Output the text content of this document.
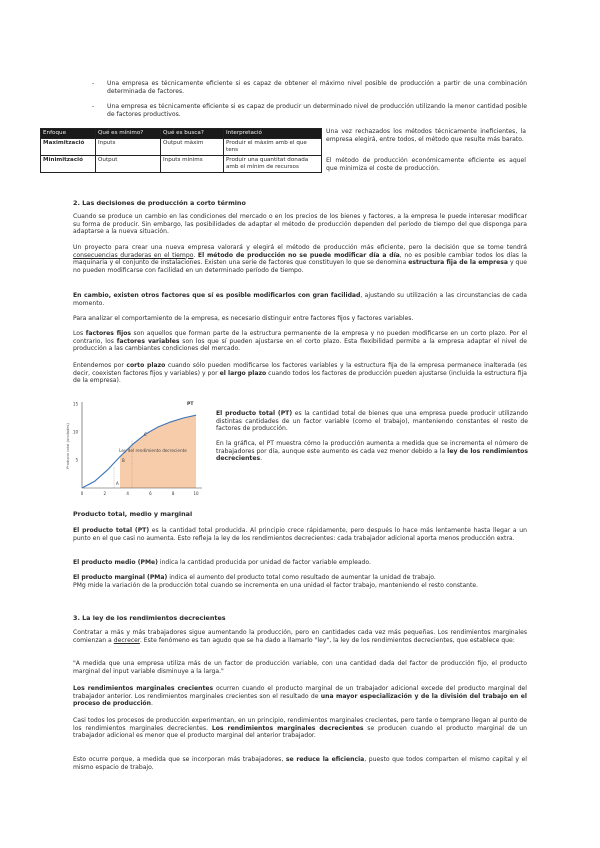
- Una empresa es técnicamente eficiente si es capaz de obtener el máximo nivel posible de producción a partir de una combinación determinada de factores.

- Una empresa es técnicamente eficiente si es capaz de producir un determinado nivel de producción utilizando la menor cantidad posible de factores productivos.

Enfoque	Qué es mínimo?	Qué es busca?	Interpretació
Maximització	Inputs	Output màxim	Produir el màxim amb el que tens
Minimització	Output	Inputs mínims	Produir una quantitat donada amb el mínim de recursos

Una vez rechazados los métodos técnicamente ineficientes, la empresa elegirá, entre todos, el método que resulte más barato.

El método de producción económicamente eficiente es aquel que minimiza el coste de producción.

2. Las decisiones de producción a corto término

Cuando se produce un cambio en las condiciones del mercado o en los precios de los bienes y factores, a la empresa le puede interesar modificar su forma de producir. Sin embargo, las posibilidades de adaptar el método de producción dependen del período de tiempo del que disponga para adaptarse a la nueva situación.

Un proyecto para crear una nueva empresa valorará y elegirá el método de producción más eficiente, pero la decisión que se tome tendrá consecuencias duraderas en el tiempo. El método de producción no se puede modificar día a día, no es posible cambiar todos los días la maquinaria y el conjunto de instalaciones. Existen una serie de factores que constituyen lo que se denomina estructura fija de la empresa y que no pueden modificarse con facilidad en un determinado período de tiempo.

En cambio, existen otros factores que sí es posible modificarlos con gran facilidad, ajustando su utilización a las circunstancias de cada momento.

Para analizar el comportamiento de la empresa, es necesario distinguir entre factores fijos y factores variables.

Los factores fijos son aquellos que forman parte de la estructura permanente de la empresa y no pueden modificarse en un corto plazo. Por el contrario, los factores variables son los que sí pueden ajustarse en el corto plazo. Esta flexibilidad permite a la empresa adaptar el nivel de producción a las cambiantes condiciones del mercado.

Entendemos por corto plazo cuando sólo pueden modificarse los factores variables y la estructura fija de la empresa permanece inalterada (es decir, coexisten factores fijos y variables) y por el largo plazo cuando todos los factores de producción pueden ajustarse (incluida la estructura fija de la empresa).

0	2	4	6	8	10
15
10
5
Producto total (unidades)	Ley del rendimiento decreciente
PT
A
B
C

El producto total (PT) es la cantidad total de bienes que una empresa puede producir utilizando distintas cantidades de un factor variable (como el trabajo), manteniendo constantes el resto de factores de producción.

En la gráfica, el PT muestra cómo la producción aumenta a medida que se incrementa el número de trabajadores por día, aunque este aumento es cada vez menor debido a la ley de los rendimientos decrecientes.

Producto total, medio y marginal

El producto total (PT) es la cantidad total producida. Al principio crece rápidamente, pero después lo hace más lentamente hasta llegar a un punto en el que casi no aumenta. Esto refleja la ley de los rendimientos decrecientes: cada trabajador adicional aporta menos producción extra.

El producto medio (PMe) indica la cantidad producida por unidad de factor variable empleado.

El producto marginal (PMa) indica el aumento del producto total como resultado de aumentar la unidad de trabajo.
PMg mide la variación de la producción total cuando se incrementa en una unidad el factor trabajo, manteniendo el resto constante.

3. La ley de los rendimientos decrecientes

Contratar a más y más trabajadores sigue aumentando la producción, pero en cantidades cada vez más pequeñas. Los rendimientos marginales comienzan a decrecer. Este fenómeno es tan agudo que se ha dado a llamarlo "ley", la ley de los rendimientos decrecientes, que establece que:

"A medida que una empresa utiliza más de un factor de producción variable, con una cantidad dada del factor de producción fijo, el producto marginal del input variable disminuye a la larga."

Los rendimientos marginales crecientes ocurren cuando el producto marginal de un trabajador adicional excede del producto marginal del trabajador anterior. Los rendimientos marginales crecientes son el resultado de una mayor especialización y de la división del trabajo en el proceso de producción.

Casi todos los procesos de producción experimentan, en un principio, rendimientos marginales crecientes, pero tarde o temprano llegan al punto de los rendimientos marginales decrecientes. Los rendimientos marginales decrecientes se producen cuando el producto marginal de un trabajador adicional es menor que el producto marginal del anterior trabajador.

Esto ocurre porque, a medida que se incorporan más trabajadores, se reduce la eficiencia, puesto que todos comparten el mismo capital y el mismo espacio de trabajo.
